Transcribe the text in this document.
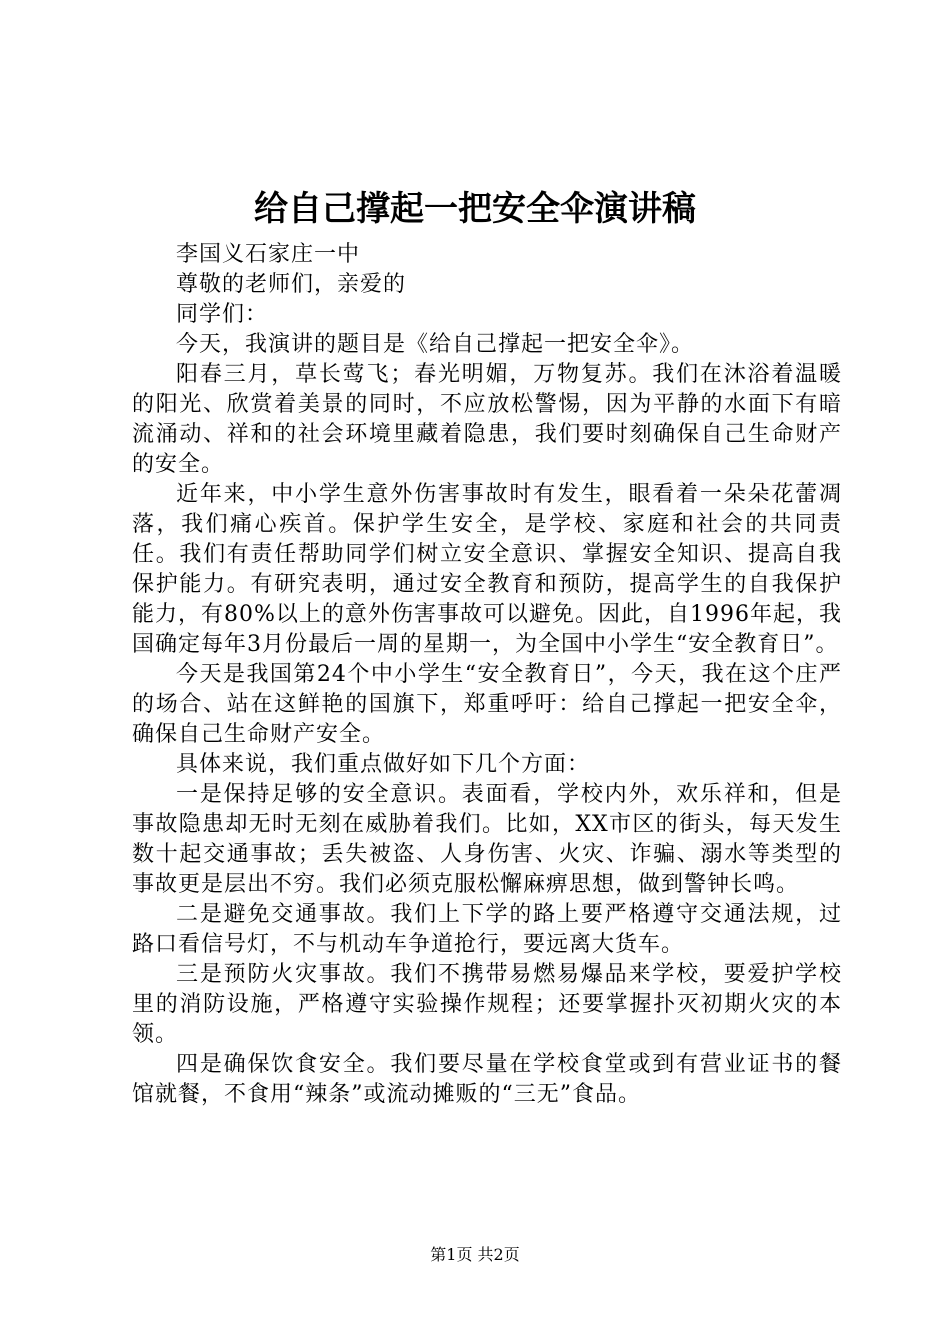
给自己撑起一把安全伞演讲稿

李国义石家庄一中

尊敬的老师们，亲爱的

同学们：

今天，我演讲的题目是《给自己撑起一把安全伞》。

阳春三月，草长莺飞；春光明媚，万物复苏。我们在沐浴着温暖的阳光、欣赏着美景的同时，不应放松警惕，因为平静的水面下有暗流涌动、祥和的社会环境里藏着隐患，我们要时刻确保自己生命财产的安全。

近年来，中小学生意外伤害事故时有发生，眼看着一朵朵花蕾凋落，我们痛心疾首。保护学生安全，是学校、家庭和社会的共同责任。我们有责任帮助同学们树立安全意识、掌握安全知识、提高自我保护能力。有研究表明，通过安全教育和预防，提高学生的自我保护能力，有80%以上的意外伤害事故可以避免。因此，自1996年起，我国确定每年3月份最后一周的星期一，为全国中小学生“安全教育日”。

今天是我国第24个中小学生“安全教育日”，今天，我在这个庄严的场合、站在这鲜艳的国旗下，郑重呼吁：给自己撑起一把安全伞，确保自己生命财产安全。

具体来说，我们重点做好如下几个方面：

一是保持足够的安全意识。表面看，学校内外，欢乐祥和，但是事故隐患却无时无刻在威胁着我们。比如，XX市区的街头，每天发生数十起交通事故；丢失被盗、人身伤害、火灾、诈骗、溺水等类型的事故更是层出不穷。我们必须克服松懈麻痹思想，做到警钟长鸣。

二是避免交通事故。我们上下学的路上要严格遵守交通法规，过路口看信号灯，不与机动车争道抢行，要远离大货车。

三是预防火灾事故。我们不携带易燃易爆品来学校，要爱护学校里的消防设施，严格遵守实验操作规程；还要掌握扑灭初期火灾的本领。

四是确保饮食安全。我们要尽量在学校食堂或到有营业证书的餐馆就餐，不食用“辣条”或流动摊贩的“三无”食品。

第1页 共2页
